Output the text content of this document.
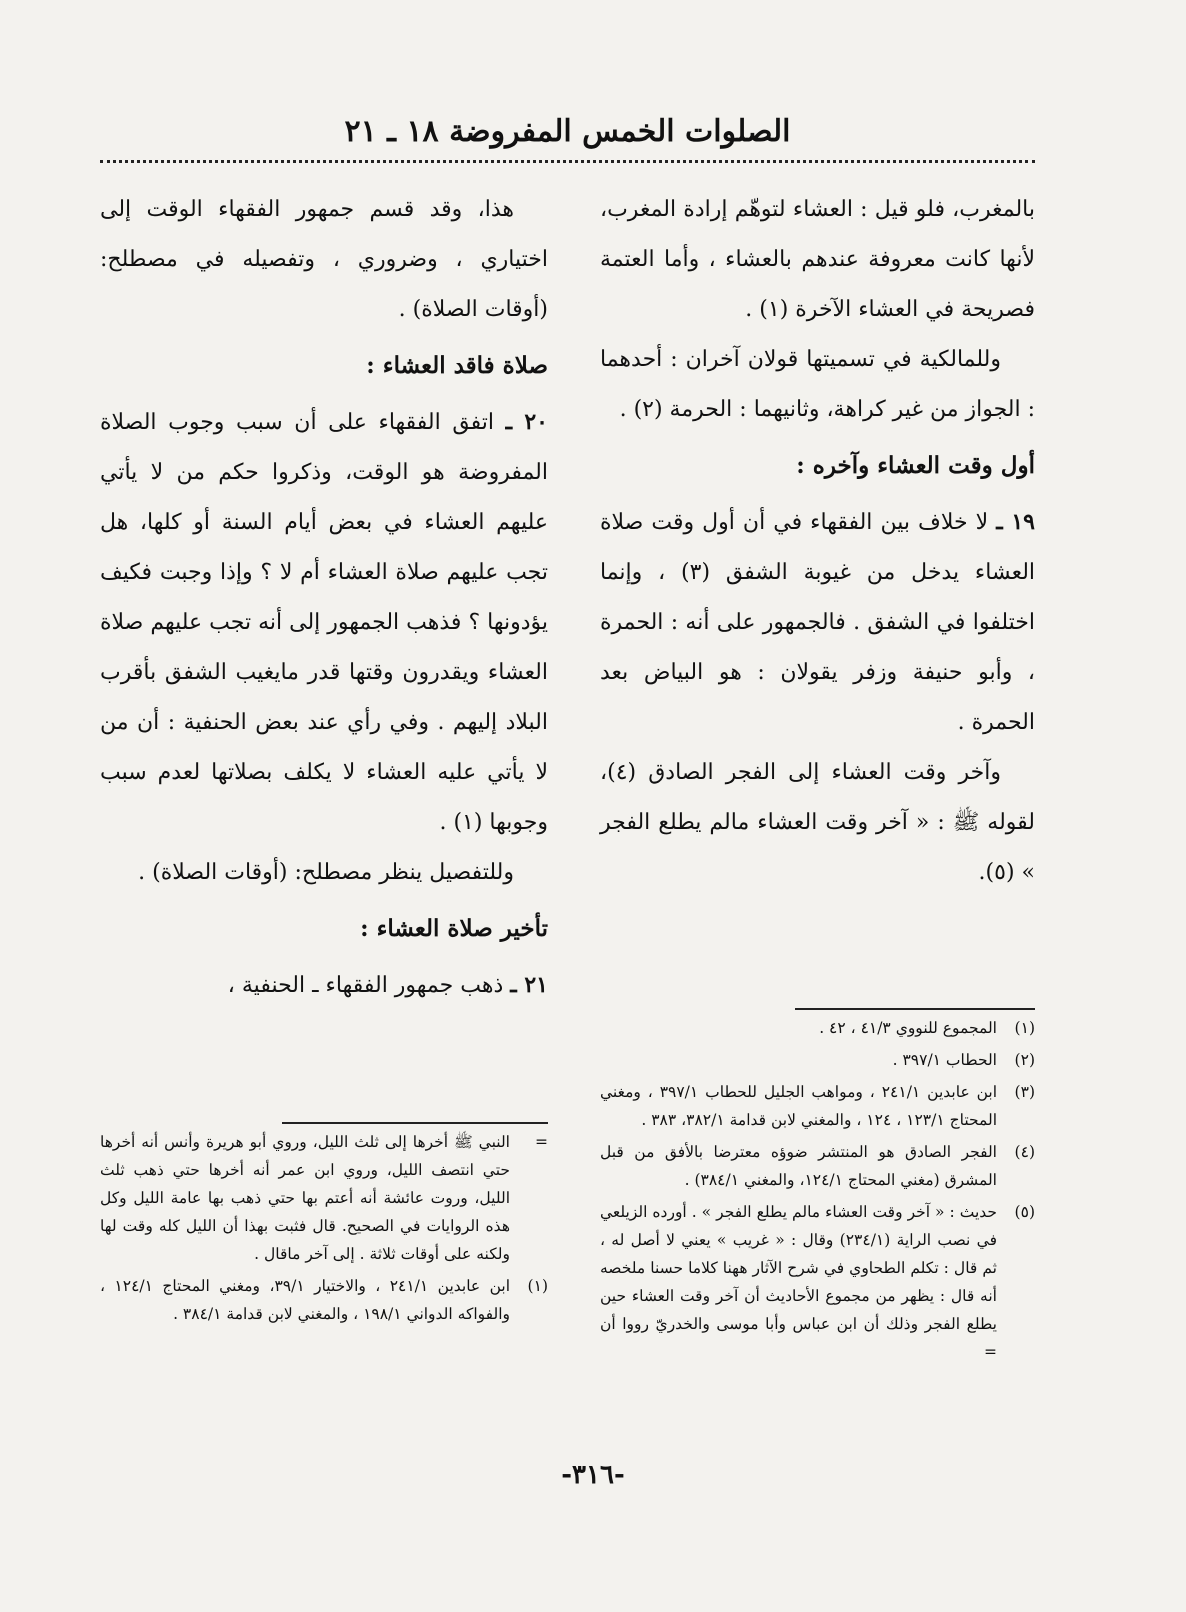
الصلوات الخمس المفروضة ١٨ ـ ٢١

بالمغرب، فلو قيل : العشاء لتوهّم إرادة المغرب، لأنها كانت معروفة عندهم بالعشاء ، وأما العتمة فصريحة في العشاء الآخرة (١) .

وللمالكية في تسميتها قولان آخران : أحدهما : الجواز من غير كراهة، وثانيهما : الحرمة (٢) .

أول وقت العشاء وآخره :

١٩ ـ لا خلاف بين الفقهاء في أن أول وقت صلاة العشاء يدخل من غيوبة الشفق (٣) ، وإنما اختلفوا في الشفق . فالجمهور على أنه : الحمرة ، وأبو حنيفة وزفر يقولان : هو البياض بعد الحمرة .

وآخر وقت العشاء إلى الفجر الصادق (٤)، لقوله ﷺ : « آخر وقت العشاء مالم يطلع الفجر » (٥).

هذا، وقد قسم جمهور الفقهاء الوقت إلى اختياري ، وضروري ، وتفصيله في مصطلح: (أوقات الصلاة) .

صلاة فاقد العشاء :

٢٠ ـ اتفق الفقهاء على أن سبب وجوب الصلاة المفروضة هو الوقت، وذكروا حكم من لا يأتي عليهم العشاء في بعض أيام السنة أو كلها، هل تجب عليهم صلاة العشاء أم لا ؟ وإذا وجبت فكيف يؤدونها ؟ فذهب الجمهور إلى أنه تجب عليهم صلاة العشاء ويقدرون وقتها قدر مايغيب الشفق بأقرب البلاد إليهم . وفي رأي عند بعض الحنفية : أن من لا يأتي عليه العشاء لا يكلف بصلاتها لعدم سبب وجوبها (١) .

وللتفصيل ينظر مصطلح: (أوقات الصلاة) .

تأخير صلاة العشاء :

٢١ ـ ذهب جمهور الفقهاء ـ الحنفية ،

(١)
المجموع للنووي ٤١/٣ ، ٤٢ .
(٢)
الحطاب ٣٩٧/١ .
(٣)
ابن عابدين ٢٤١/١ ، ومواهب الجليل للحطاب ٣٩٧/١ ، ومغني المحتاج ١٢٣/١ ، ١٢٤ ، والمغني لابن قدامة ٣٨٢/١، ٣٨٣ .
(٤)
الفجر الصادق هو المنتشر ضوؤه معترضا بالأفق من قبل المشرق (مغني المحتاج ١٢٤/١، والمغني ٣٨٤/١) .
(٥)
حديث : « آخر وقت العشاء مالم يطلع الفجر » . أورده الزيلعي في نصب الراية (٢٣٤/١) وقال : « غريب » يعني لا أصل له ، ثم قال : تكلم الطحاوي في شرح الآثار ههنا كلاما حسنا ملخصه أنه قال : يظهر من مجموع الأحاديث أن آخر وقت العشاء حين يطلع الفجر وذلك أن ابن عباس وأبا موسى والخدريّ رووا أن =
=
النبي ﷺ أخرها إلى ثلث الليل، وروي أبو هريرة وأنس أنه أخرها حتي انتصف الليل، وروي ابن عمر أنه أخرها حتي ذهب ثلث الليل، وروت عائشة أنه أعتم بها حتي ذهب بها عامة الليل وكل هذه الروايات في الصحيح. قال فثبت بهذا أن الليل كله وقت لها ولكنه على أوقات ثلاثة . إلى آخر ماقال .
(١)
ابن عابدين ٢٤١/١ ، والاختيار ٣٩/١، ومغني المحتاج ١٢٤/١ ، والفواكه الدواني ١٩٨/١ ، والمغني لابن قدامة ٣٨٤/١ .
-٣١٦-
